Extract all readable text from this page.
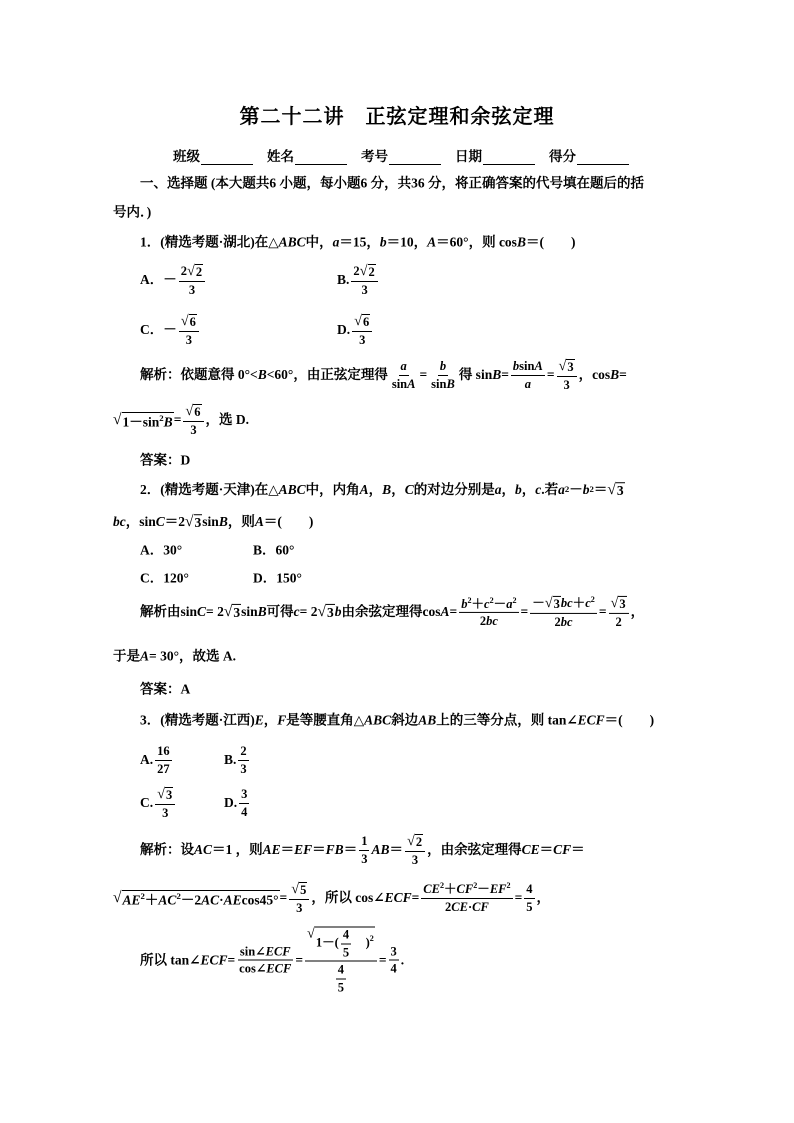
第二十二讲　正弦定理和余弦定理
班级	姓名	考号	日期	得分
一、选择题 (本大题共6 小题，每小题6 分，共36 分，将正确答案的代号填在题后的括
号内．)
1．(精选考题·湖北)在△ ABC 中， a ＝15， b ＝10， A ＝60°，则 cos B ＝(　　)
A．－ $\frac{2 √ 2}{3}$	B. $\frac{2 √ 2}{3}$
C．－ $\frac{√ 6}{3}$	D. $\frac{√ 6}{3}$
解析：依题意得 0°< B <60°，由正弦定理得 $\frac{a}{\sin A} = \frac{b}{\sin B}$ 得 $\sin B = \frac{bsinA}{a} = \frac{√ 3}{3}$ ，cos B =
√ $1-\sin^2B = \frac{√ 6}{3}$ ，选 D.
答案：D
2．(精选考题·天津)在△ ABC 中，内角 A ， B ， C 的对边分别是 a ， b ， c .若 a 2 － b 2 ＝ √ 3
bc ，sin C ＝2 √ 3 sin B ，则 A ＝(　　)
A．30°	B．60°
C．120°	D．150°
解析由sin C = 2 √ 3 sin B 可得 c = 2 √ 3 b 由余弦定理得$\cos A = \frac{b^2+c^2-a^2}{2bc} = \frac{- √ 3 bc+c^2}{2bc} = \frac{√ 3}{2}$ ，
于是 A = 30°，故选 A.
答案：A
3．(精选考题·江西) E ， F 是等腰直角△ ABC 斜边 AB 上的三等分点，则 tan∠ ECF ＝(　　)
A. $\frac{16}{27}$	B. $\frac{2}{3}$
C. $\frac{√ 3}{3}$	D. $\frac{3}{4}$
解析：设 AC ＝1 ，则 AE ＝ EF ＝ FB ＝ $\frac{1}{3}$ AB ＝ $\frac{√ 2}{3}$ ，由余弦定理得 CE ＝ CF ＝
√ $AE^2+AC^2-2AC\cdot AEcos45^\circ = \frac{√ 5}{3}$ ，所以 cos∠ ECF = $\frac{CE^2+CF^2-EF^2}{2CE\cdot CF} = \frac{4}{5}$ ，
所以 tan∠ ECF = $\frac{\text{sin∠ECF}}{\text{cos∠ECF}}$ = √
$1-( \frac{4}{5}$ 　)$^2$
$\frac{4}{5} = \frac{3}{4}$ .
